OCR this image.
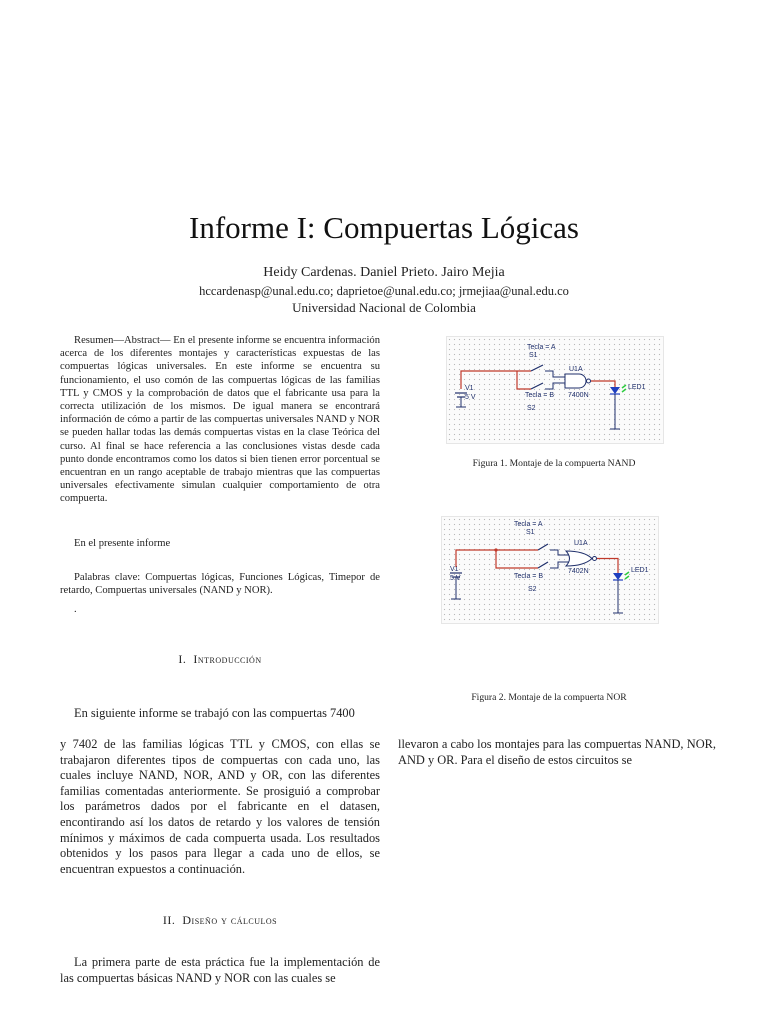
Informe I: Compuertas Lógicas
Heidy Cardenas. Daniel Prieto. Jairo Mejia
hccardenasp@unal.edu.co; daprietoe@unal.edu.co; jrmejiaa@unal.edu.co
Universidad Nacional de Colombia
Resumen—Abstract— En el presente informe se encuentra información acerca de los diferentes montajes y características expuestas de las compuertas lógicas universales. En este informe se encuentra su funcionamiento, el uso comón de las compuertas lógicas de las familias TTL y CMOS y la comprobación de datos que el fabricante usa para la correcta utilización de los mismos. De igual manera se encontrará información de cómo a partir de las compuertas universales NAND y NOR se pueden hallar todas las demás compuertas vistas en la clase Teórica del curso. Al final se hace referencia a las conclusiones vistas desde cada punto donde encontramos como los datos si bien tienen error porcentual se encuentran en un rango aceptable de trabajo mientras que las compuertas universales efectivamente simulan cualquier comportamiento de otra compuerta.
En el presente informe
Palabras clave: Compuertas lógicas, Funciones Lógicas, Timepor de retardo, Compuertas universales (NAND y NOR).
.
I. Introducción
En siguiente informe se trabajó con las compuertas 7400
y 7402 de las familias lógicas TTL y CMOS, con ellas se trabajaron diferentes tipos de compuertas con cada uno, las cuales incluye NAND, NOR, AND y OR, con las diferentes familias comentadas anteriormente. Se prosiguió a comprobar los parámetros dados por el fabricante en el datasen, encontirando así los datos de retardo y los valores de tensión mínimos y máximos de cada compuerta usada. Los resultados obtenidos y los pasos para llegar a cada uno de ellos, se encuentran expuestos a continuación.
II. Diseño y cálculos
La primera parte de esta práctica fue la implementación de las compuertas básicas NAND y NOR con las cuales se
Tecla = A
S1
U1A
V1
5 V	Tecla = B
S2
7400N
LED1
Figura 1. Montaje de la compuerta NAND
Tecla = A
S1
U1A
V1
5 V	Tecla = B
S2
7402N	LED1
Figura 2. Montaje de la compuerta NOR
llevaron a cabo los montajes para las compuertas NAND, NOR, AND y OR. Para el diseño de estos circuitos se
